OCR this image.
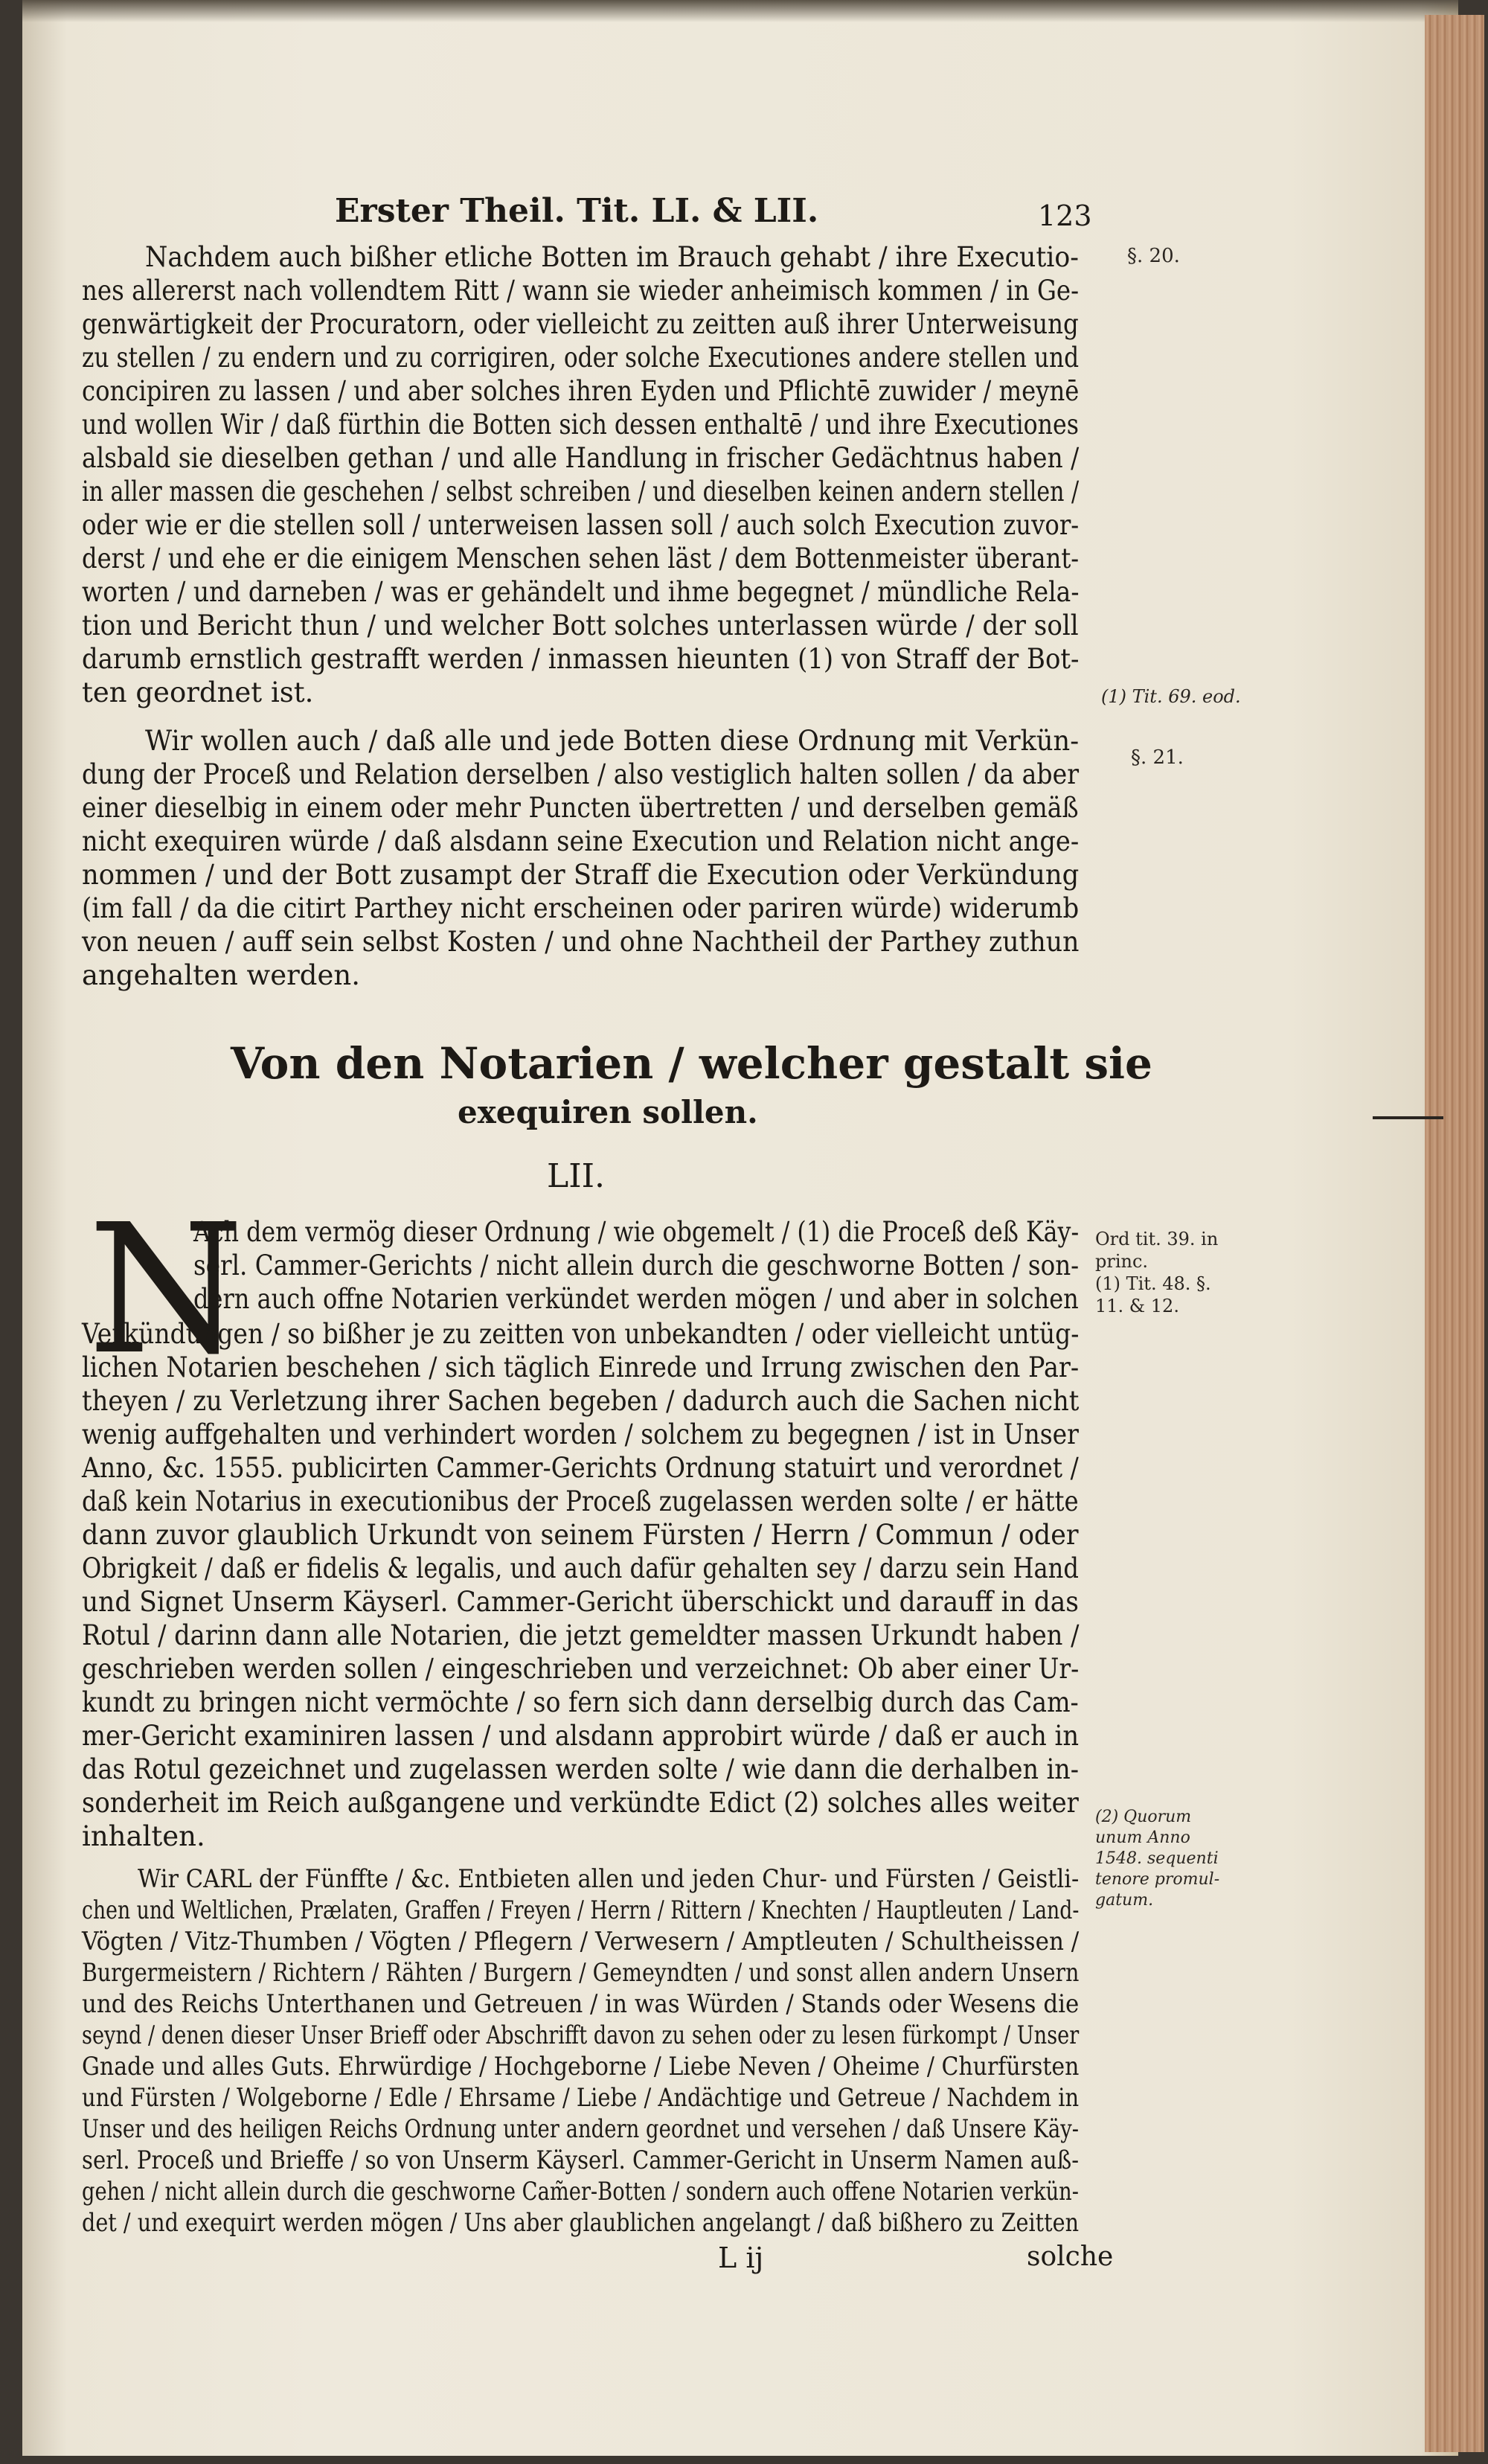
Erster Theil. Tit. LI. & LII.	123
§. 20.
(1) Tit. 69. eod.
§. 21.
Ord tit. 39. in
princ.
(1) Tit. 48. §.
11. & 12.
(2) Quorum
unum Anno
1548. sequenti
tenore promul-
gatum.
Nachdem auch bißher etliche Botten im Brauch gehabt / ihre Executio-
nes allererst nach vollendtem Ritt / wann sie wieder anheimisch kommen / in Ge-
genwärtigkeit der Procuratorn, oder vielleicht zu zeitten auß ihrer Unterweisung
zu stellen / zu endern und zu corrigiren, oder solche Executiones andere stellen und
concipiren zu lassen / und aber solches ihren Eyden und Pflichtē zuwider / meynē
und wollen Wir / daß fürthin die Botten sich dessen enthaltē / und ihre Executiones
alsbald sie dieselben gethan / und alle Handlung in frischer Gedächtnus haben /
in aller massen die geschehen / selbst schreiben / und dieselben keinen andern stellen /
oder wie er die stellen soll / unterweisen lassen soll / auch solch Execution zuvor-
derst / und ehe er die einigem Menschen sehen läst / dem Bottenmeister überant-
worten / und darneben / was er gehändelt und ihme begegnet / mündliche Rela-
tion und Bericht thun / und welcher Bott solches unterlassen würde / der soll
darumb ernstlich gestrafft werden / inmassen hieunten (1) von Straff der Bot-
ten geordnet ist.
Wir wollen auch / daß alle und jede Botten diese Ordnung mit Verkün-
dung der Proceß und Relation derselben / also vestiglich halten sollen / da aber
einer dieselbig in einem oder mehr Puncten übertretten / und derselben gemäß
nicht exequiren würde / daß alsdann seine Execution und Relation nicht ange-
nommen / und der Bott zusampt der Straff die Execution oder Verkündung
(im fall / da die citirt Parthey nicht erscheinen oder pariren würde) widerumb
von neuen / auff sein selbst Kosten / und ohne Nachtheil der Parthey zuthun
angehalten werden.
Von den Notarien / welcher gestalt sie
exequiren sollen.
LII.
N
Ach dem vermög dieser Ordnung / wie obgemelt / (1) die Proceß deß Käy-
serl. Cammer-Gerichts / nicht allein durch die geschworne Botten / son-
dern auch offne Notarien verkündet werden mögen / und aber in solchen
Verkündungen / so bißher je zu zeitten von unbekandten / oder vielleicht untüg-
lichen Notarien beschehen / sich täglich Einrede und Irrung zwischen den Par-
theyen / zu Verletzung ihrer Sachen begeben / dadurch auch die Sachen nicht
wenig auffgehalten und verhindert worden / solchem zu begegnen / ist in Unser
Anno, &c. 1555. publicirten Cammer-Gerichts Ordnung statuirt und verordnet /
daß kein Notarius in executionibus der Proceß zugelassen werden solte / er hätte
dann zuvor glaublich Urkundt von seinem Fürsten / Herrn / Commun / oder
Obrigkeit / daß er fidelis & legalis, und auch dafür gehalten sey / darzu sein Hand
und Signet Unserm Käyserl. Cammer-Gericht überschickt und darauff in das
Rotul / darinn dann alle Notarien, die jetzt gemeldter massen Urkundt haben /
geschrieben werden sollen / eingeschrieben und verzeichnet: Ob aber einer Ur-
kundt zu bringen nicht vermöchte / so fern sich dann derselbig durch das Cam-
mer-Gericht examiniren lassen / und alsdann approbirt würde / daß er auch in
das Rotul gezeichnet und zugelassen werden solte / wie dann die derhalben in-
sonderheit im Reich außgangene und verkündte Edict (2) solches alles weiter
inhalten.
Wir CARL der Fünffte / &c. Entbieten allen und jeden Chur- und Fürsten / Geistli-
chen und Weltlichen, Prælaten, Graffen / Freyen / Herrn / Rittern / Knechten / Hauptleuten / Land-
Vögten / Vitz-Thumben / Vögten / Pflegern / Verwesern / Amptleuten / Schultheissen /
Burgermeistern / Richtern / Rähten / Burgern / Gemeyndten / und sonst allen andern Unsern
und des Reichs Unterthanen und Getreuen / in was Würden / Stands oder Wesens die
seynd / denen dieser Unser Brieff oder Abschrifft davon zu sehen oder zu lesen fürkompt / Unser
Gnade und alles Guts. Ehrwürdige / Hochgeborne / Liebe Neven / Oheime / Churfürsten
und Fürsten / Wolgeborne / Edle / Ehrsame / Liebe / Andächtige und Getreue / Nachdem in
Unser und des heiligen Reichs Ordnung unter andern geordnet und versehen / daß Unsere Käy-
serl. Proceß und Brieffe / so von Unserm Käyserl. Cammer-Gericht in Unserm Namen auß-
gehen / nicht allein durch die geschworne Cam̃er-Botten / sondern auch offene Notarien verkün-
det / und exequirt werden mögen / Uns aber glaublichen angelangt / daß bißhero zu Zeitten
L ij	solche
